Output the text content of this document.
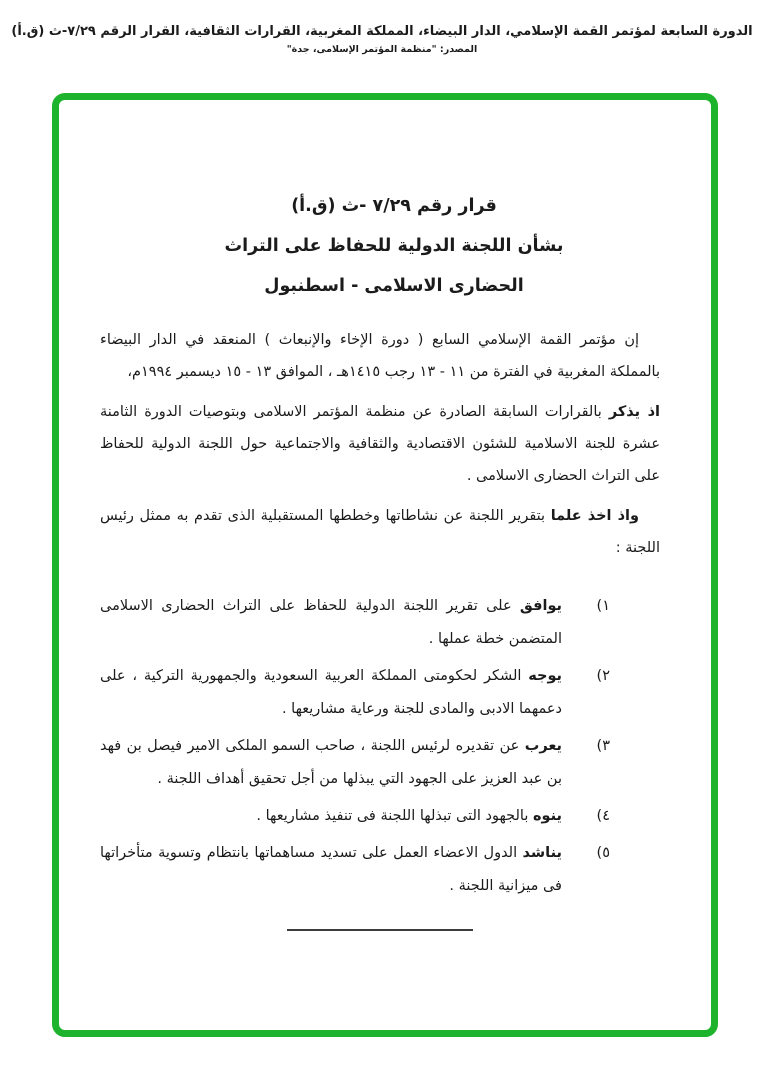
الدورة السابعة لمؤتمر القمة الإسلامي، الدار البيضاء، المملكة المغربية، القرارات الثقافية، القرار الرقم ٧/٢٩-ث (ق.أ)
المصدر: "منظمة المؤتمر الإسلامى، جدة"
قرار رقم ٧/٢٩ -ث (ق.أ)
بشأن اللجنة الدولية للحفاظ على التراث
الحضارى الاسلامى - اسطنبول

إن مؤتمر القمة الإسلامي السابع ( دورة الإخاء والإنبعاث ) المنعقد في الدار البيضاء بالمملكة المغربية في الفترة من ١١ - ١٣ رجب ١٤١٥هـ ، الموافق ١٣ - ١٥ ديسمبر ١٩٩٤م،

اذ يذكر بالقرارات السابقة الصادرة عن منظمة المؤتمر الاسلامى وبتوصيات الدورة الثامنة عشرة للجنة الاسلامية للشئون الاقتصادية والثقافية والاجتماعية حول اللجنة الدولية للحفاظ على التراث الحضارى الاسلامى .

واذ اخذ علما بتقرير اللجنة عن نشاطاتها وخططها المستقبلية الذى تقدم به ممثل رئيس اللجنة :

١)
يوافق على تقرير اللجنة الدولية للحفاظ على التراث الحضارى الاسلامى المتضمن خطة عملها .
٢)
يوجه الشكر لحكومتى المملكة العربية السعودية والجمهورية التركية ، على دعمهما الادبى والمادى للجنة ورعاية مشاريعها .
٣)
يعرب عن تقديره لرئيس اللجنة ، صاحب السمو الملكى الامير فيصل بن فهد بن عبد العزيز على الجهود التي يبذلها من أجل تحقيق أهداف اللجنة .
٤)
ينوه بالجهود التى تبذلها اللجنة فى تنفيذ مشاريعها .
٥)
يناشد الدول الاعضاء العمل على تسديد مساهماتها بانتظام وتسوية متأخراتها فى ميزانية اللجنة .
